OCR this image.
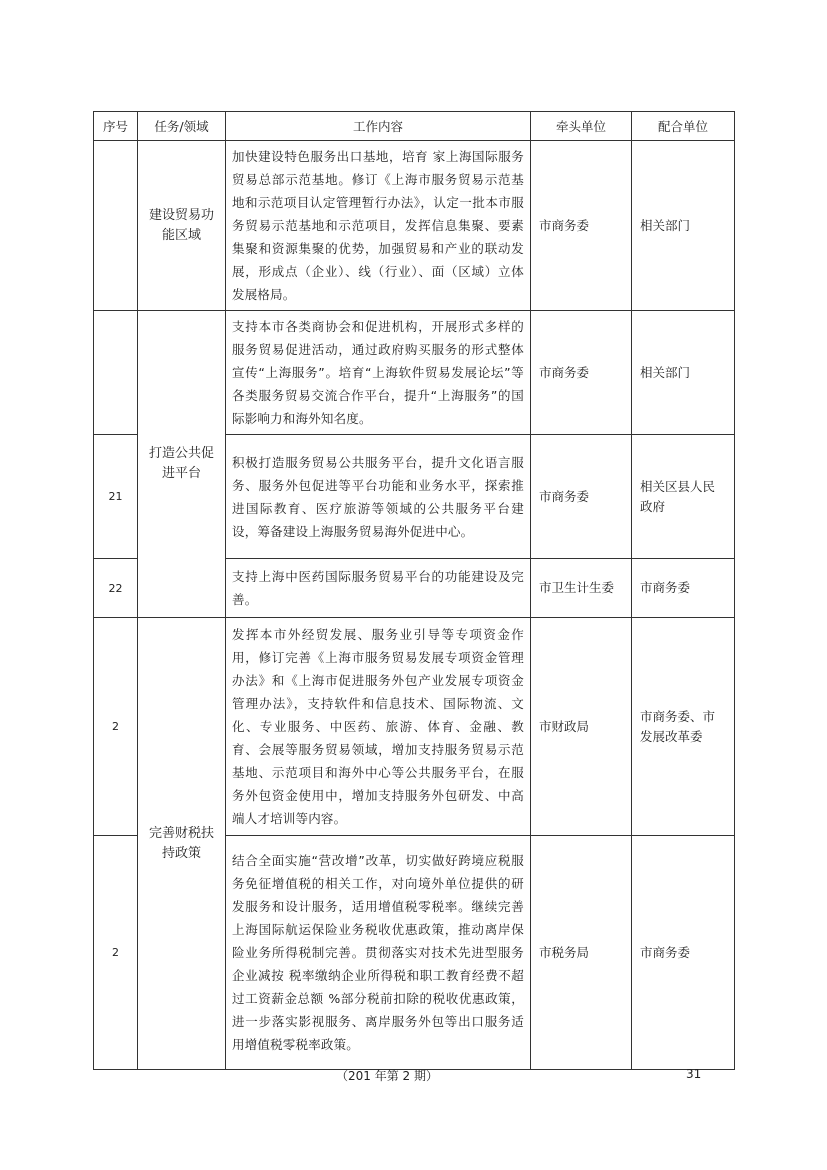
序号	任务/领域	工作内容	牵头单位	配合单位
	建设贸易功能区域	加快建设特色服务出口基地，培育 家上海国际服务贸易总部示范基地。修订《上海市服务贸易示范基地和示范项目认定管理暂行办法》，认定一批本市服务贸易示范基地和示范项目，发挥信息集聚、要素集聚和资源集聚的优势，加强贸易和产业的联动发展，形成点（企业）、线（行业）、面（区域）立体发展格局。	市商务委	相关部门
	打造公共促进平台	支持本市各类商协会和促进机构，开展形式多样的服务贸易促进活动，通过政府购买服务的形式整体宣传“上海服务”。培育“上海软件贸易发展论坛”等各类服务贸易交流合作平台，提升“上海服务”的国际影响力和海外知名度。	市商务委	相关部门
21		积极打造服务贸易公共服务平台，提升文化语言服务、服务外包促进等平台功能和业务水平，探索推进国际教育、医疗旅游等领域的公共服务平台建设，筹备建设上海服务贸易海外促进中心。	市商务委	相关区县人民政府
22		支持上海中医药国际服务贸易平台的功能建设及完善。	市卫生计生委	市商务委
2	完善财税扶持政策	发挥本市外经贸发展、服务业引导等专项资金作用，修订完善《上海市服务贸易发展专项资金管理办法》和《上海市促进服务外包产业发展专项资金管理办法》，支持软件和信息技术、国际物流、文化、专业服务、中医药、旅游、体育、金融、教育、会展等服务贸易领域，增加支持服务贸易示范基地、示范项目和海外中心等公共服务平台，在服务外包资金使用中，增加支持服务外包研发、中高端人才培训等内容。	市财政局	市商务委、市发展改革委
2		结合全面实施“营改增”改革，切实做好跨境应税服务免征增值税的相关工作，对向境外单位提供的研发服务和设计服务，适用增值税零税率。继续完善上海国际航运保险业务税收优惠政策，推动离岸保险业务所得税制完善。贯彻落实对技术先进型服务企业减按 税率缴纳企业所得税和职工教育经费不超过工资薪金总额 %部分税前扣除的税收优惠政策，进一步落实影视服务、离岸服务外包等出口服务适用增值税零税率政策。	市税务局	市商务委
（201 年第 2 期）	31
